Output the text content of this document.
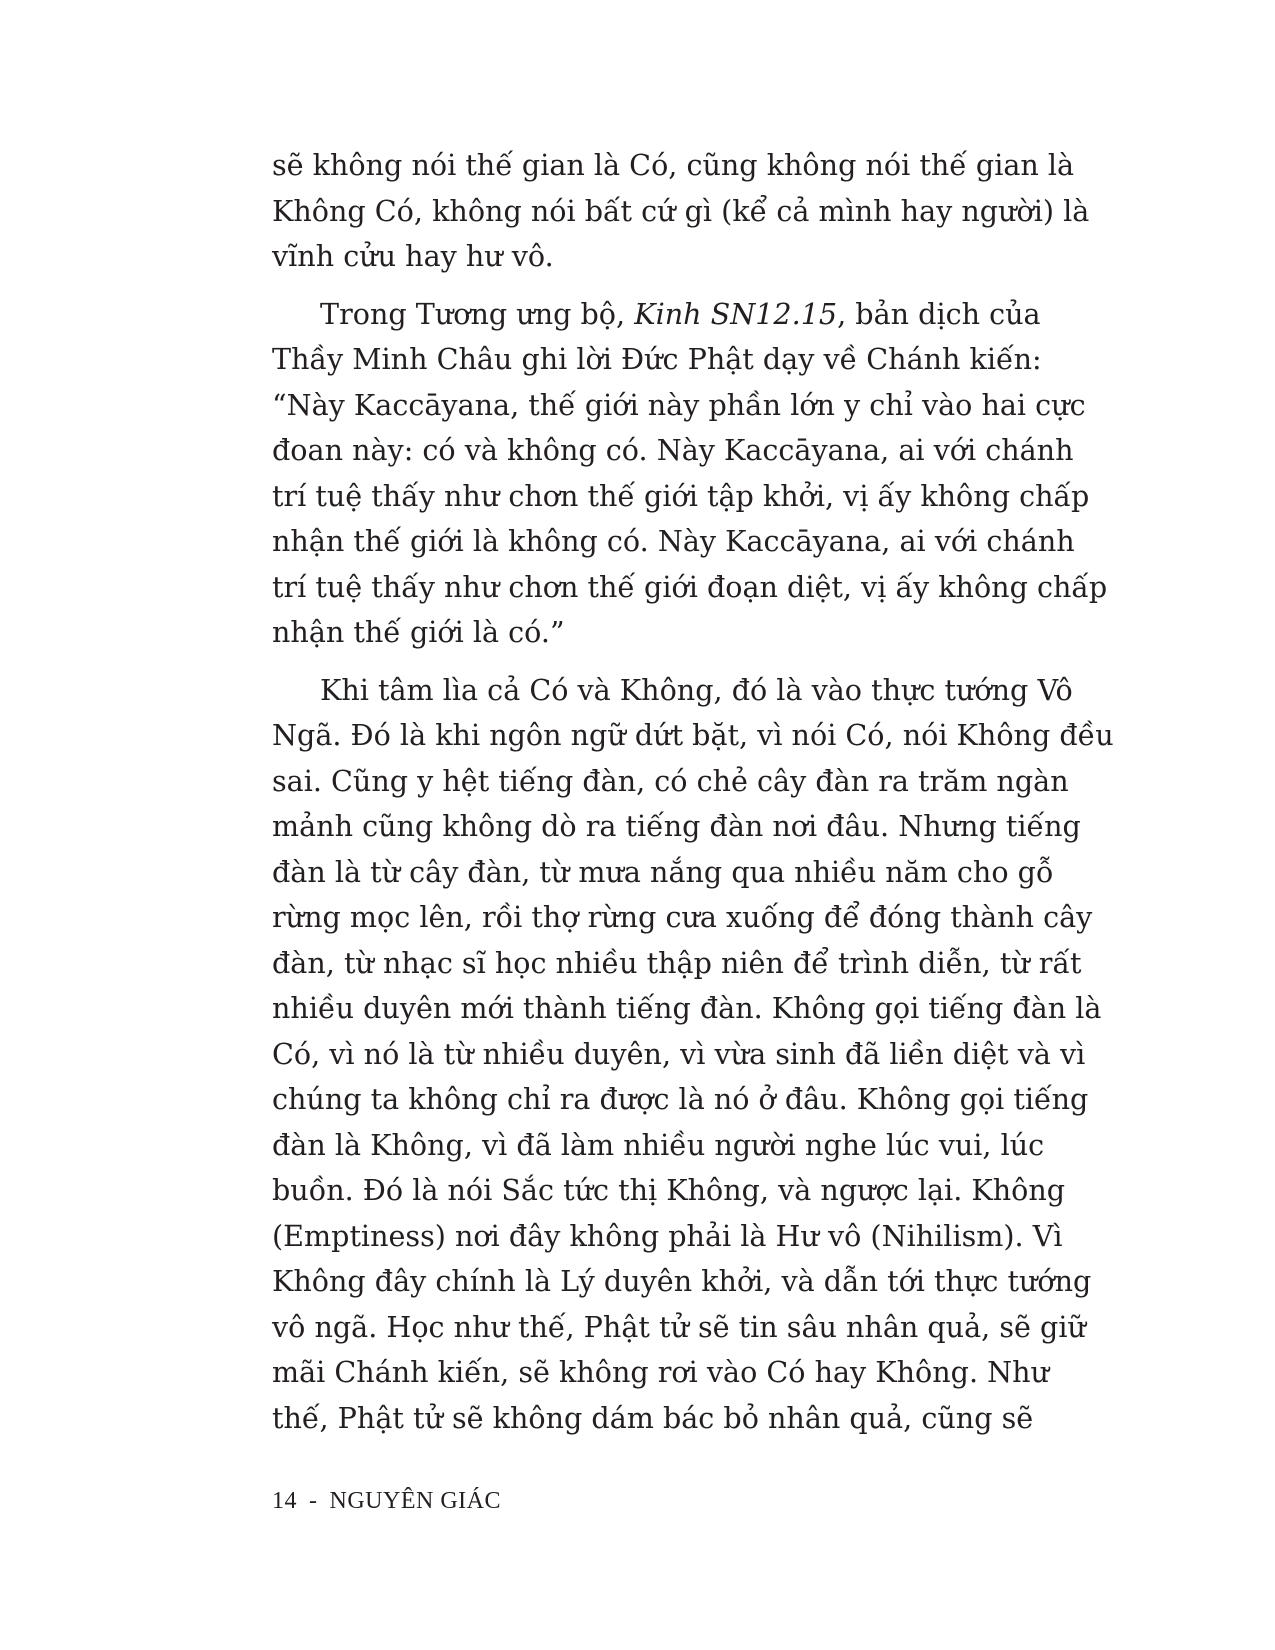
sẽ không nói thế gian là Có, cũng không nói thế gian là
Không Có, không nói bất cứ gì (kể cả mình hay người) là
vĩnh cửu hay hư vô.

Trong Tương ưng bộ, Kinh SN12.15, bản dịch của
Thầy Minh Châu ghi lời Đức Phật dạy về Chánh kiến:
“Này Kaccāyana, thế giới này phần lớn y chỉ vào hai cực
đoan này: có và không có. Này Kaccāyana, ai với chánh
trí tuệ thấy như chơn thế giới tập khởi, vị ấy không chấp
nhận thế giới là không có. Này Kaccāyana, ai với chánh
trí tuệ thấy như chơn thế giới đoạn diệt, vị ấy không chấp
nhận thế giới là có.”

Khi tâm lìa cả Có và Không, đó là vào thực tướng Vô
Ngã. Đó là khi ngôn ngữ dứt bặt, vì nói Có, nói Không đều
sai. Cũng y hệt tiếng đàn, có chẻ cây đàn ra trăm ngàn
mảnh cũng không dò ra tiếng đàn nơi đâu. Nhưng tiếng
đàn là từ cây đàn, từ mưa nắng qua nhiều năm cho gỗ
rừng mọc lên, rồi thợ rừng cưa xuống để đóng thành cây
đàn, từ nhạc sĩ học nhiều thập niên để trình diễn, từ rất
nhiều duyên mới thành tiếng đàn. Không gọi tiếng đàn là
Có, vì nó là từ nhiều duyên, vì vừa sinh đã liền diệt và vì
chúng ta không chỉ ra được là nó ở đâu. Không gọi tiếng
đàn là Không, vì đã làm nhiều người nghe lúc vui, lúc
buồn. Đó là nói Sắc tức thị Không, và ngược lại. Không
(Emptiness) nơi đây không phải là Hư vô (Nihilism). Vì
Không đây chính là Lý duyên khởi, và dẫn tới thực tướng
vô ngã. Học như thế, Phật tử sẽ tin sâu nhân quả, sẽ giữ
mãi Chánh kiến, sẽ không rơi vào Có hay Không. Như
thế, Phật tử sẽ không dám bác bỏ nhân quả, cũng sẽ

14 - NGUYÊN GIÁC
